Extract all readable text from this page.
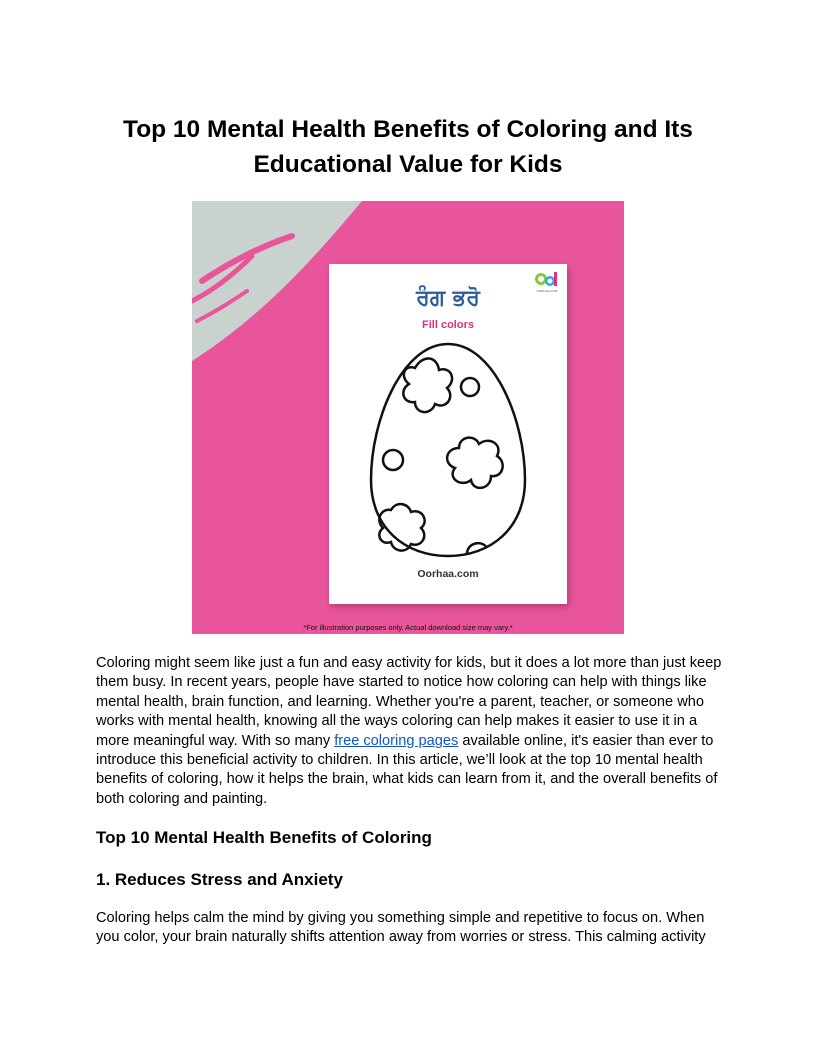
Top 10 Mental Health Benefits of Coloring and Its Educational Value for Kids
OORHAA.COM
ਰੰਗ ਭਰੋ
Fill colors
Oorhaa.com
*For illustration purposes only. Actual download size may vary.*

Coloring might seem like just a fun and easy activity for kids, but it does a lot more than just keep them busy. In recent years, people have started to notice how coloring can help with things like mental health, brain function, and learning. Whether you're a parent, teacher, or someone who works with mental health, knowing all the ways coloring can help makes it easier to use it in a more meaningful way. With so many free coloring pages available online, it's easier than ever to introduce this beneficial activity to children. In this article, we’ll look at the top 10 mental health benefits of coloring, how it helps the brain, what kids can learn from it, and the overall benefits of both coloring and painting.

Top 10 Mental Health Benefits of Coloring
1. Reduces Stress and Anxiety

Coloring helps calm the mind by giving you something simple and repetitive to focus on. When you color, your brain naturally shifts attention away from worries or stress. This calming activity
